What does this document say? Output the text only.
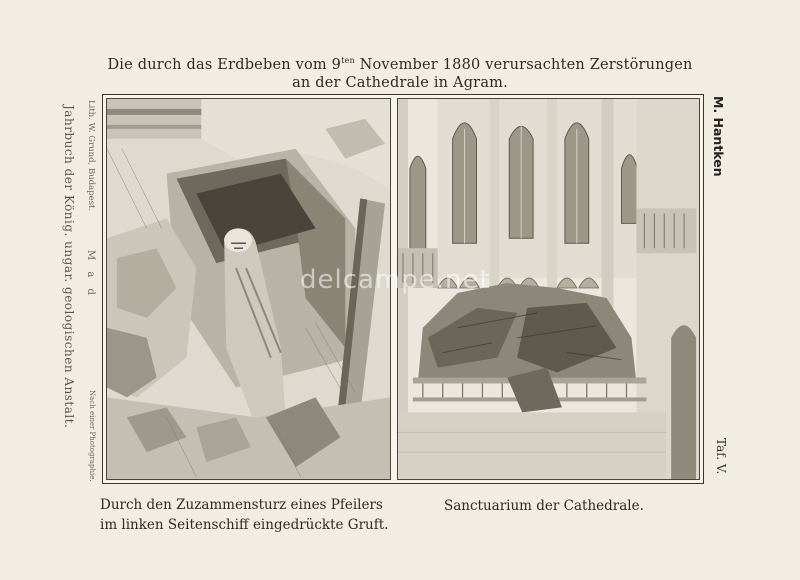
Die durch das Erdbeben vom $9^{ten}$ November 1880 verursachten Zerstörungen
an der Cathedrale in Agram.
Lith. W. Grund, Budapest.
Jahrbuch der König. ungar. geologischen Anstalt. M a d
Nach einer Photographie.
M. Hantken
Taf. V.
Durch den Zuzammensturz eines Pfeilers
im linken Seitenschiff eingedrückte Gruft.
Sanctuarium der Cathedrale.
delcampe.net
